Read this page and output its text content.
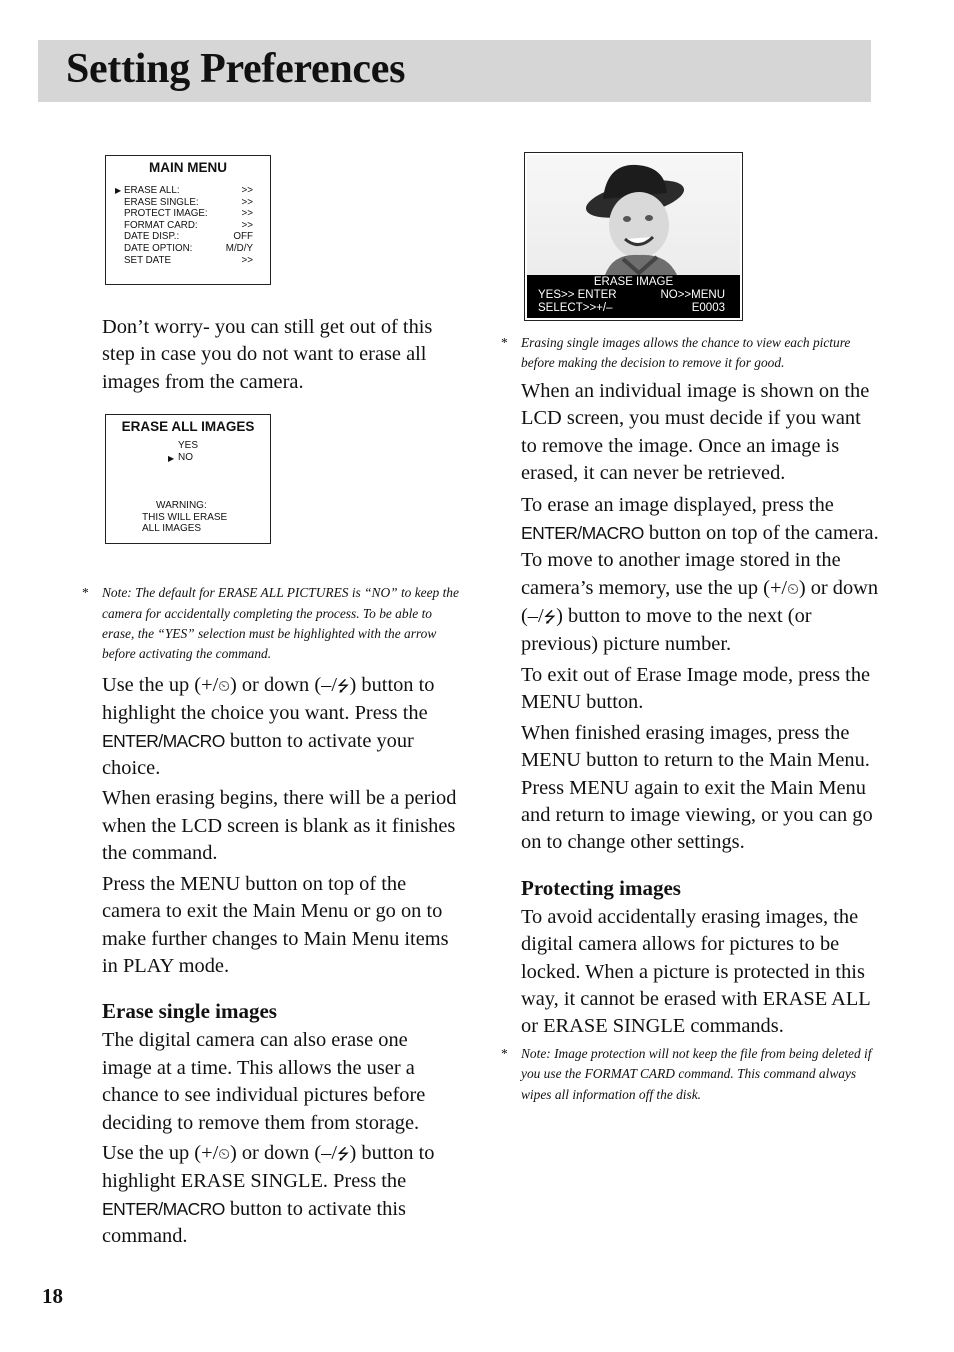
Setting Preferences
MAIN MENU
▶ ERASE ALL:	>>
ERASE SINGLE:	>>
PROTECT IMAGE:	>>
FORMAT CARD:	>>
DATE DISP.:	OFF
DATE OPTION:	M/D/Y
SET DATE	>>

Don’t worry- you can still get out of this step in case you do not want to erase all images from the camera.

ERASE ALL IMAGES
YES
▶ NO
WARNING:
THIS WILL ERASE
ALL IMAGES

* Note: The default for ERASE ALL PICTURES is “NO” to keep the camera for accidentally completing the process. To be able to erase, the “YES” selection must be highlighted with the arrow before activating the command.

Use the up (+/⏲) or down (–/⭍) button to highlight the choice you want. Press the ENTER/MACRO button to activate your choice.

When erasing begins, there will be a period when the LCD screen is blank as it finishes the command.

Press the MENU button on top of the camera to exit the Main Menu or go on to make further changes to Main Menu items in PLAY mode.

Erase single images

The digital camera can also erase one image at a time. This allows the user a chance to see individual pictures before deciding to remove them from storage.

Use the up (+/⏲) or down (–/⭍) button to highlight ERASE SINGLE. Press the ENTER/MACRO button to activate this command.

ERASE IMAGE
YES>> ENTER	NO>>MENU
SELECT>>+/–	E0003

* Erasing single images allows the chance to view each picture before making the decision to remove it for good.

When an individual image is shown on the LCD screen, you must decide if you want to remove the image. Once an image is erased, it can never be retrieved.

To erase an image displayed, press the ENTER/MACRO button on top of the camera. To move to another image stored in the camera’s memory, use the up (+/⏲) or down (–/⭍) button to move to the next (or previous) picture number.

To exit out of Erase Image mode, press the MENU button.

When finished erasing images, press the MENU button to return to the Main Menu. Press MENU again to exit the Main Menu and return to image viewing, or you can go on to change other settings.

Protecting images

To avoid accidentally erasing images, the digital camera allows for pictures to be locked. When a picture is protected in this way, it cannot be erased with ERASE ALL or ERASE SINGLE commands.

* Note: Image protection will not keep the file from being deleted if you use the FORMAT CARD command. This command always wipes all information off the disk.

18
